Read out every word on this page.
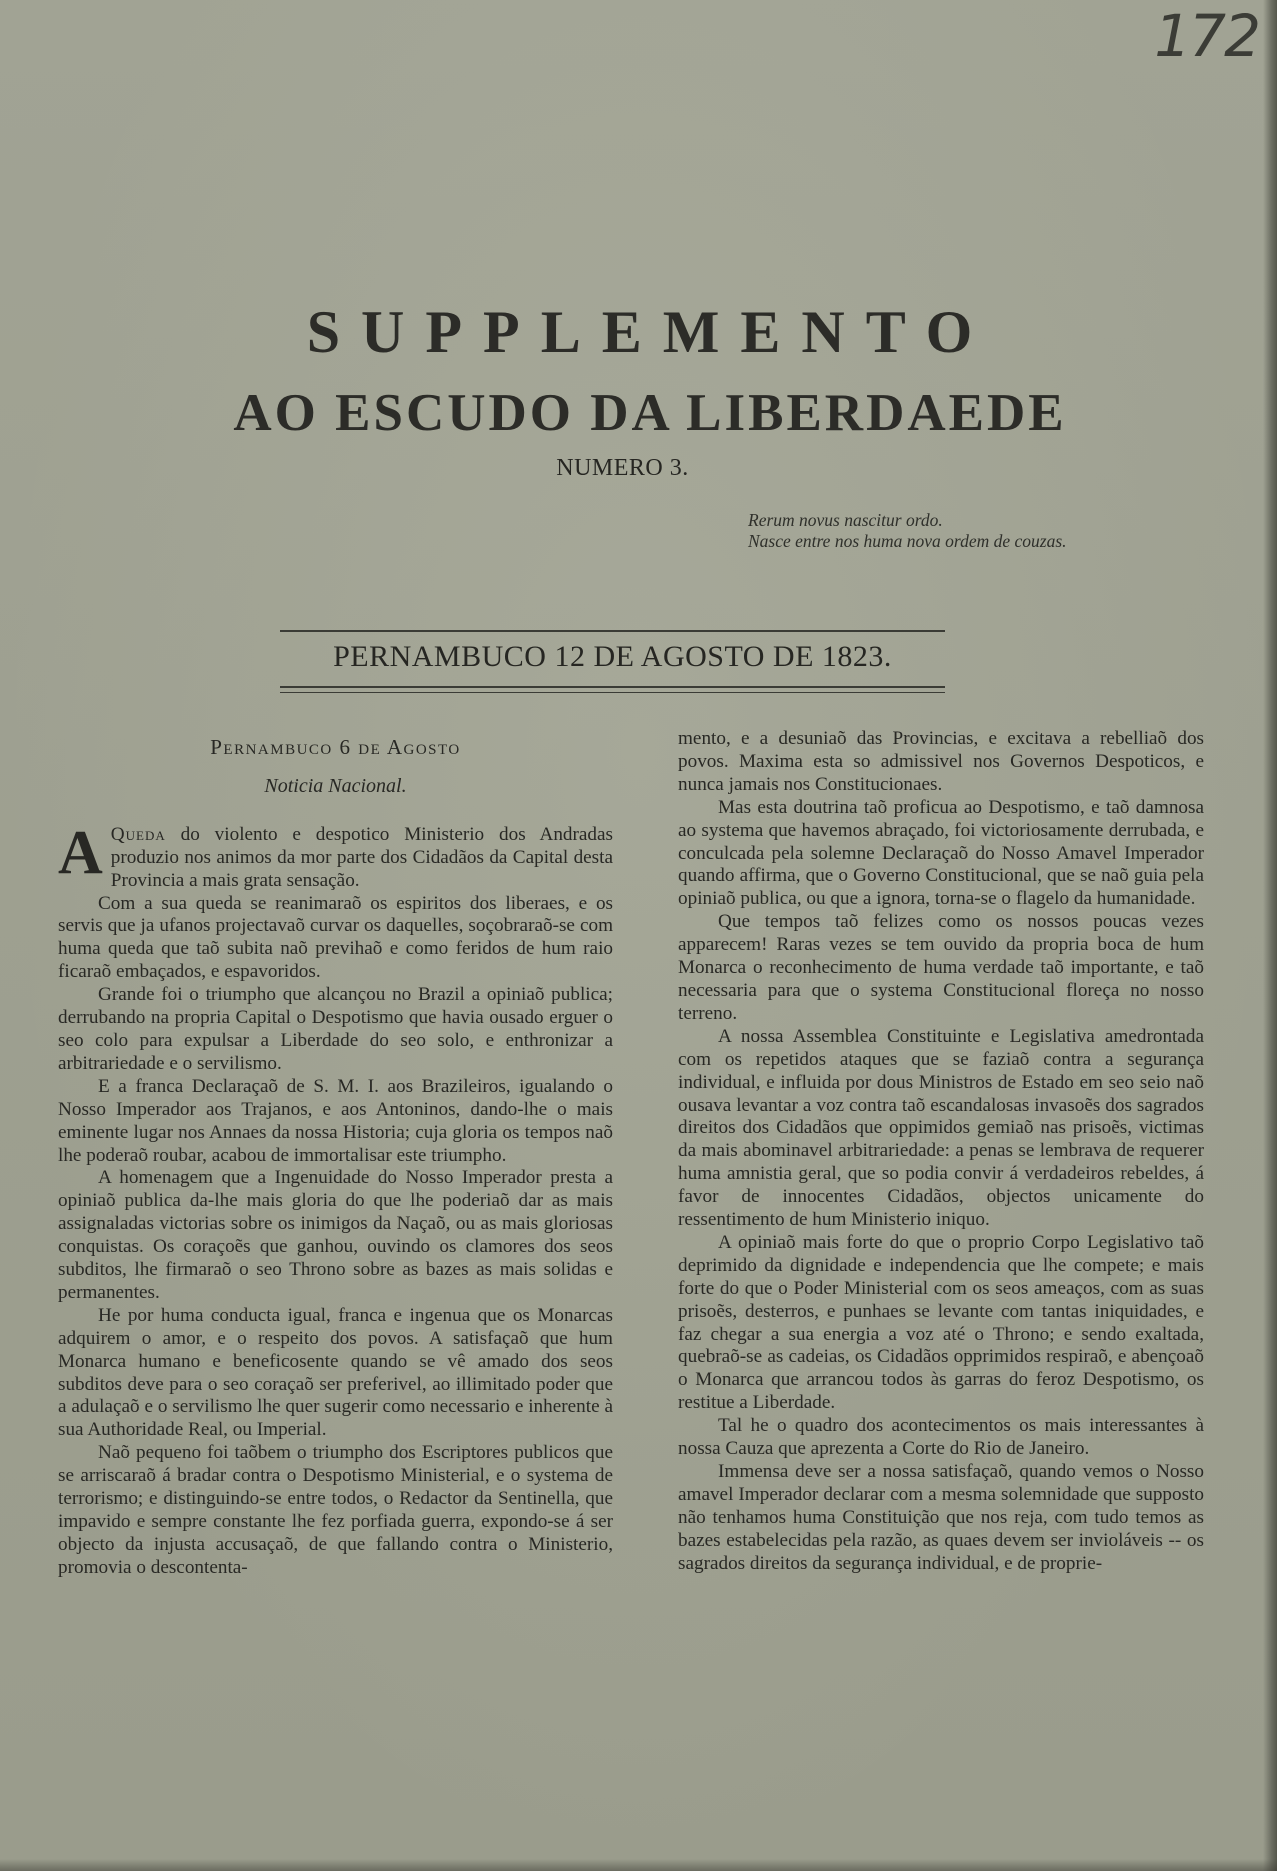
172
SUPPLEMENTO
AO ESCUDO DA LIBERDAEDE
NUMERO 3.
Rerum novus nascitur ordo.
Nasce entre nos huma nova ordem de couzas.
PERNAMBUCO 12 DE AGOSTO DE 1823.
Pernambuco 6 de Agosto
Noticia Nacional.

A Queda do violento e despotico Ministerio dos Andradas produzio nos animos da mor parte dos Cidadãos da Capital desta Provincia a mais grata sensação.

Com a sua queda se reanimaraõ os espiritos dos liberaes, e os servis que ja ufanos projectavaõ curvar os daquelles, soçobraraõ-se com huma queda que taõ subita naõ previhaõ e como feridos de hum raio ficaraõ embaçados, e espavoridos.

Grande foi o triumpho que alcançou no Brazil a opiniaõ publica; derrubando na propria Capital o Despotismo que havia ousado erguer o seo colo para expulsar a Liberdade do seo solo, e enthronizar a arbitrariedade e o servilismo.

E a franca Declaraçaõ de S. M. I. aos Brazileiros, igualando o Nosso Imperador aos Trajanos, e aos Antoninos, dando-lhe o mais eminente lugar nos Annaes da nossa Historia; cuja gloria os tempos naõ lhe poderaõ roubar, acabou de immortalisar este triumpho.

A homenagem que a Ingenuidade do Nosso Imperador presta a opiniaõ publica da-lhe mais gloria do que lhe poderiaõ dar as mais assignaladas victorias sobre os inimigos da Naçaõ, ou as mais gloriosas conquistas. Os coraçoẽs que ganhou, ouvindo os clamores dos seos subditos, lhe firmaraõ o seo Throno sobre as bazes as mais solidas e permanentes.

He por huma conducta igual, franca e ingenua que os Monarcas adquirem o amor, e o respeito dos povos. A satisfaçaõ que hum Monarca humano e beneficosente quando se vê amado dos seos subditos deve para o seo coraçaõ ser preferivel, ao illimitado poder que a adulaçaõ e o servilismo lhe quer sugerir como necessario e inherente à sua Authoridade Real, ou Imperial.

Naõ pequeno foi taõbem o triumpho dos Escriptores publicos que se arriscaraõ á bradar contra o Despotismo Ministerial, e o systema de terrorismo; e distinguindo-se entre todos, o Redactor da Sentinella, que impavido e sempre constante lhe fez porfiada guerra, expondo-se á ser objecto da injusta accusaçaõ, de que fallando contra o Ministerio, promovia o descontenta-

mento, e a desuniaõ das Provincias, e excitava a rebelliaõ dos povos. Maxima esta so admissivel nos Governos Despoticos, e nunca jamais nos Constitucionaes.

Mas esta doutrina taõ proficua ao Despotismo, e taõ damnosa ao systema que havemos abraçado, foi victoriosamente derrubada, e conculcada pela solemne Declaraçaõ do Nosso Amavel Imperador quando affirma, que o Governo Constitucional, que se naõ guia pela opiniaõ publica, ou que a ignora, torna-se o flagelo da humanidade.

Que tempos taõ felizes como os nossos poucas vezes apparecem! Raras vezes se tem ouvido da propria boca de hum Monarca o reconhecimento de huma verdade taõ importante, e taõ necessaria para que o systema Constitucional floreça no nosso terreno.

A nossa Assemblea Constituinte e Legislativa amedrontada com os repetidos ataques que se faziaõ contra a segurança individual, e influida por dous Ministros de Estado em seo seio naõ ousava levantar a voz contra taõ escandalosas invasoẽs dos sagrados direitos dos Cidadãos que oppimidos gemiaõ nas prisoẽs, victimas da mais abominavel arbitrariedade: a penas se lembrava de requerer huma amnistia geral, que so podia convir á verdadeiros rebeldes, á favor de innocentes Cidadãos, objectos unicamente do ressentimento de hum Ministerio iniquo.

A opiniaõ mais forte do que o proprio Corpo Legislativo taõ deprimido da dignidade e independencia que lhe compete; e mais forte do que o Poder Ministerial com os seos ameaços, com as suas prisoẽs, desterros, e punhaes se levante com tantas iniquidades, e faz chegar a sua energia a voz até o Throno; e sendo exaltada, quebraõ-se as cadeias, os Cidadãos opprimidos respiraõ, e abençoaõ o Monarca que arrancou todos às garras do feroz Despotismo, os restitue a Liberdade.

Tal he o quadro dos acontecimentos os mais interessantes à nossa Cauza que aprezenta a Corte do Rio de Janeiro.

Immensa deve ser a nossa satisfaçaõ, quando vemos o Nosso amavel Imperador declarar com a mesma solemnidade que supposto não tenhamos huma Constituição que nos reja, com tudo temos as bazes estabelecidas pela razão, as quaes devem ser invioláveis -- os sagrados direitos da segurança individual, e de proprie-
